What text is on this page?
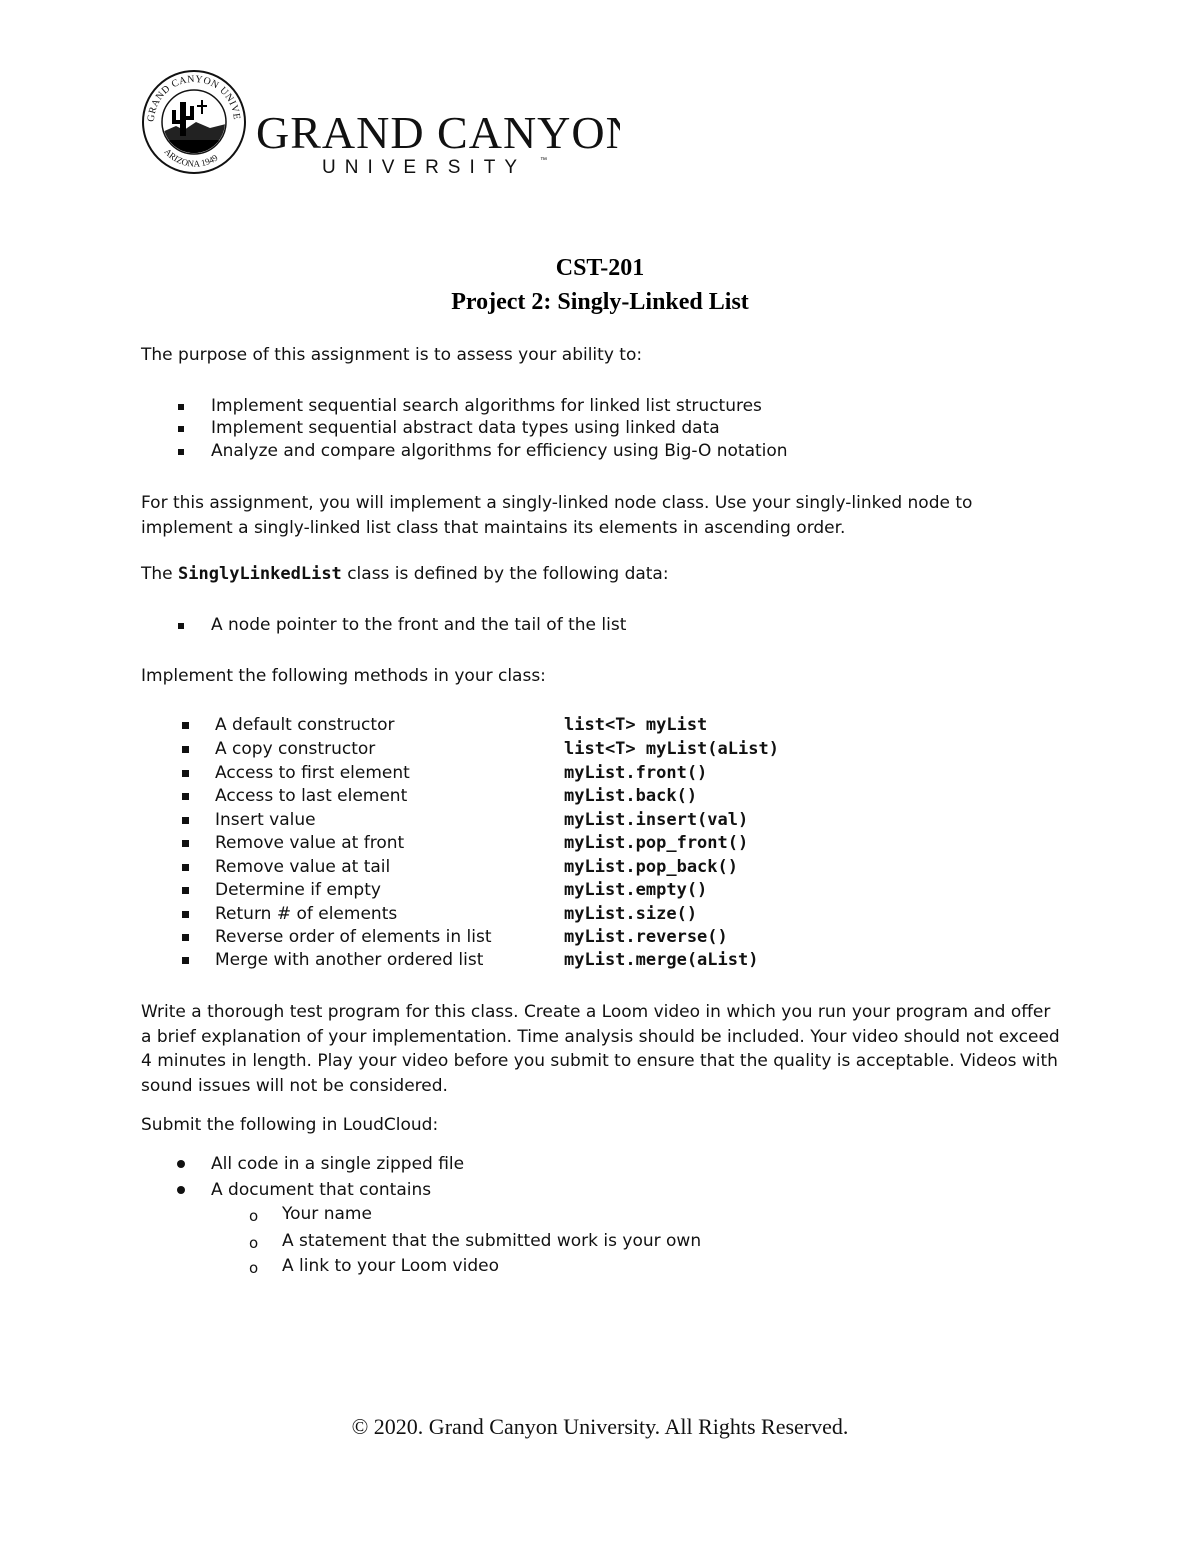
GRAND CANYON UNIVE
ARIZONA 1949 GRAND CANYON
UNIVERSITY ™
CST-201
Project 2: Singly-Linked List
The purpose of this assignment is to assess your ability to:
Implement sequential search algorithms for linked list structures
Implement sequential abstract data types using linked data
Analyze and compare algorithms for efficiency using Big-O notation
For this assignment, you will implement a singly-linked node class. Use your singly-linked node to implement a singly-linked list class that maintains its elements in ascending order.
The SinglyLinkedList class is defined by the following data:
A node pointer to the front and the tail of the list
Implement the following methods in your class:
A default constructor	list<T> myList
A copy constructor	list<T> myList(aList)
Access to first element	myList.front()
Access to last element	myList.back()
Insert value	myList.insert(val)
Remove value at front	myList.pop_front()
Remove value at tail	myList.pop_back()
Determine if empty	myList.empty()
Return # of elements	myList.size()
Reverse order of elements in list	myList.reverse()
Merge with another ordered list	myList.merge(aList)
Write a thorough test program for this class. Create a Loom video in which you run your program and offer a brief explanation of your implementation. Time analysis should be included. Your video should not exceed 4 minutes in length. Play your video before you submit to ensure that the quality is acceptable. Videos with sound issues will not be considered.
Submit the following in LoudCloud:
All code in a single zipped file
A document that contains
o Your name
o A statement that the submitted work is your own
o A link to your Loom video
© 2020. Grand Canyon University. All Rights Reserved.
